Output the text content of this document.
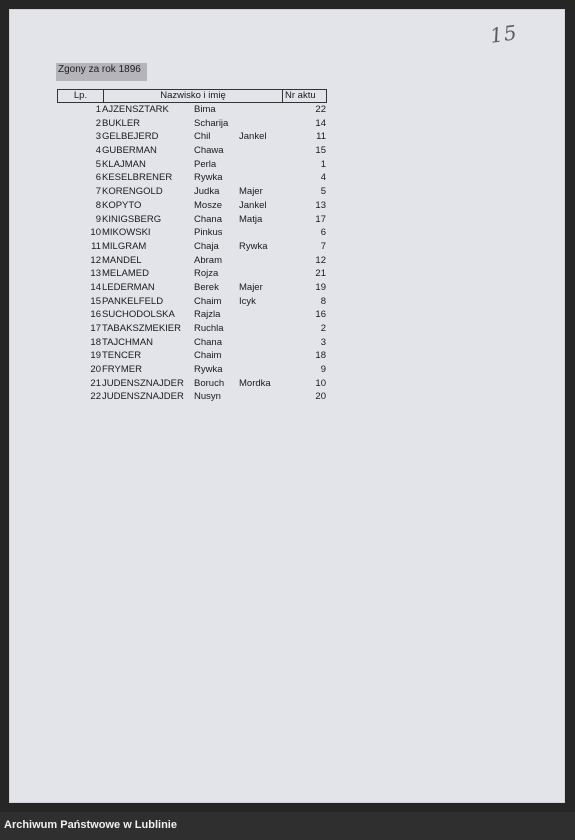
15
Zgony za rok 1896
Lp.	Nazwisko i imię	Nr aktu
1 AJZENSZTARK	Bima	22
2 BUKLER	Scharija	14
3 GELBEJERD	Chil	Jankel	11
4 GUBERMAN	Chawa	15
5 KLAJMAN	Perla	1
6 KESELBRENER	Rywka	4
7 KORENGOLD	Judka	Majer	5
8 KOPYTO	Mosze	Jankel	13
9 KINIGSBERG	Chana	Matja	17
10 MIKOWSKI	Pinkus	6
11 MILGRAM	Chaja	Rywka	7
12 MANDEL	Abram	12
13 MELAMED	Rojza	21
14 LEDERMAN	Berek	Majer	19
15 PANKELFELD	Chaim	Icyk	8
16 SUCHODOLSKA	Rajzla	16
17 TABAKSZMEKIER	Ruchla	2
18 TAJCHMAN	Chana	3
19 TENCER	Chaim	18
20 FRYMER	Rywka	9
21 JUDENSZNAJDER	Boruch	Mordka	10
22 JUDENSZNAJDER	Nusyn	20
Archiwum Państwowe w Lublinie
